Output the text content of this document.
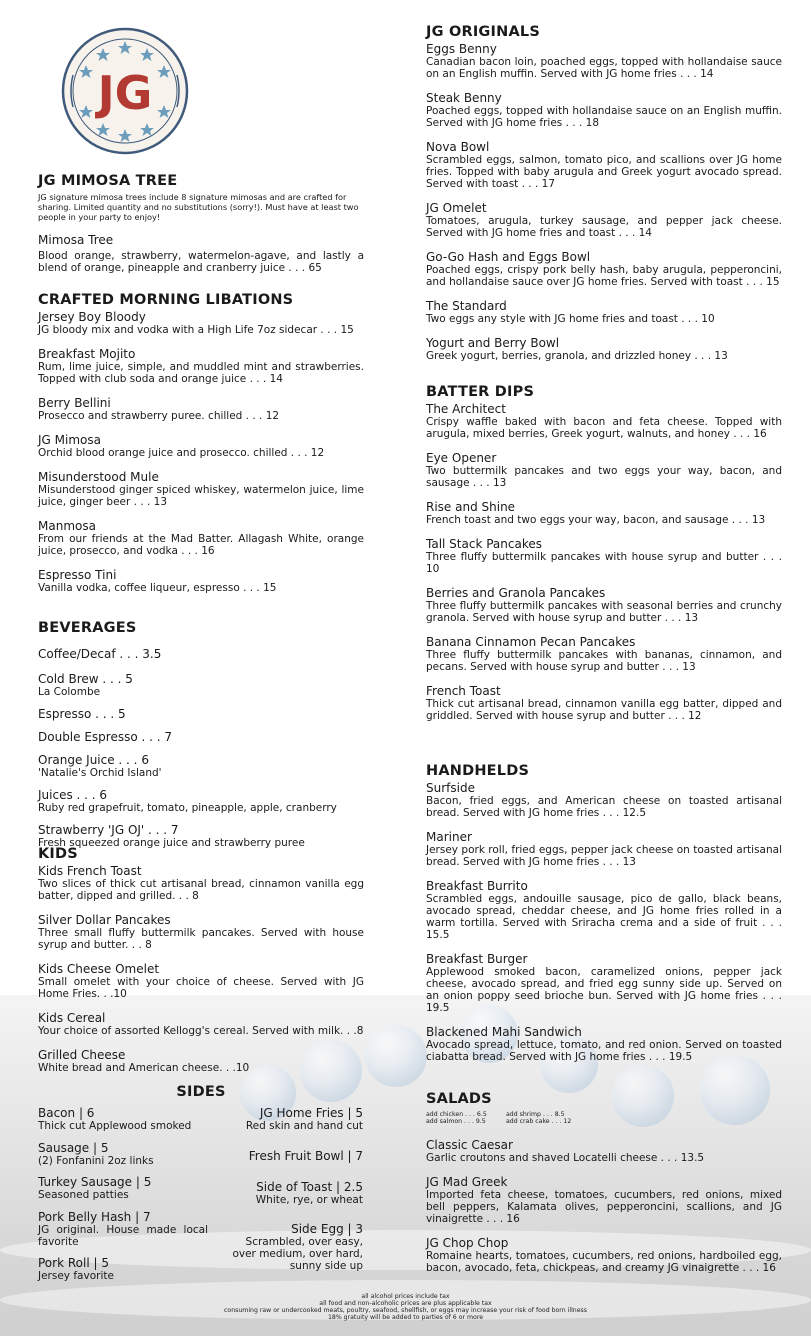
JG
JG MIMOSA TREE

JG signature mimosa trees include 8 signature mimosas and are crafted for sharing. Limited quantity and no substitutions (sorry!). Must have at least two people in your party to enjoy!

Mimosa Tree

Blood orange, strawberry, watermelon-agave, and lastly a blend of orange, pineapple and cranberry juice . . . 65

CRAFTED MORNING LIBATIONS

Jersey Boy Bloody

JG bloody mix and vodka with a High Life 7oz sidecar . . . 15

Breakfast Mojito

Rum, lime juice, simple, and muddled mint and strawberries. Topped with club soda and orange juice . . . 14

Berry Bellini

Prosecco and strawberry puree. chilled . . . 12

JG Mimosa

Orchid blood orange juice and prosecco. chilled . . . 12

Misunderstood Mule

Misunderstood ginger spiced whiskey, watermelon juice, lime juice, ginger beer . . . 13

Manmosa

From our friends at the Mad Batter. Allagash White, orange juice, prosecco, and vodka . . . 16

Espresso Tini

Vanilla vodka, coffee liqueur, espresso . . . 15

BEVERAGES

Coffee/Decaf . . . 3.5

Cold Brew . . . 5

La Colombe

Espresso . . . 5

Double Espresso . . . 7

Orange Juice . . . 6

'Natalie's Orchid Island'

Juices . . . 6

Ruby red grapefruit, tomato, pineapple, apple, cranberry

Strawberry 'JG OJ' . . . 7

Fresh squeezed orange juice and strawberry puree

KIDS

Kids French Toast

Two slices of thick cut artisanal bread, cinnamon vanilla egg batter, dipped and grilled. . . 8

Silver Dollar Pancakes

Three small fluffy buttermilk pancakes. Served with house syrup and butter. . . 8

Kids Cheese Omelet

Small omelet with your choice of cheese. Served with JG Home Fries. . .10

Kids Cereal

Your choice of assorted Kellogg's cereal. Served with milk. . .8

Grilled Cheese

White bread and American cheese. . .10

SIDES

Bacon | 6

Thick cut Applewood smoked

Sausage | 5

(2) Fonfanini 2oz links

Turkey Sausage | 5

Seasoned patties

Pork Belly Hash | 7

JG original. House made local favorite

Pork Roll | 5

Jersey favorite

JG Home Fries | 5

Red skin and hand cut

Fresh Fruit Bowl | 7

Side of Toast | 2.5

White, rye, or wheat

Side Egg | 3

Scrambled, over easy, over medium, over hard, sunny side up

JG ORIGINALS

Eggs Benny

Canadian bacon loin, poached eggs, topped with hollandaise sauce on an English muffin. Served with JG home fries . . . 14

Steak Benny

Poached eggs, topped with hollandaise sauce on an English muffin. Served with JG home fries . . . 18

Nova Bowl

Scrambled eggs, salmon, tomato pico, and scallions over JG home fries. Topped with baby arugula and Greek yogurt avocado spread. Served with toast . . . 17

JG Omelet

Tomatoes, arugula, turkey sausage, and pepper jack cheese. Served with JG home fries and toast . . . 14

Go-Go Hash and Eggs Bowl

Poached eggs, crispy pork belly hash, baby arugula, pepperoncini, and hollandaise sauce over JG home fries. Served with toast . . . 15

The Standard

Two eggs any style with JG home fries and toast . . . 10

Yogurt and Berry Bowl

Greek yogurt, berries, granola, and drizzled honey . . . 13

BATTER DIPS

The Architect

Crispy waffle baked with bacon and feta cheese. Topped with arugula, mixed berries, Greek yogurt, walnuts, and honey . . . 16

Eye Opener

Two buttermilk pancakes and two eggs your way, bacon, and sausage . . . 13

Rise and Shine

French toast and two eggs your way, bacon, and sausage . . . 13

Tall Stack Pancakes

Three fluffy buttermilk pancakes with house syrup and butter . . . 10

Berries and Granola Pancakes

Three fluffy buttermilk pancakes with seasonal berries and crunchy granola. Served with house syrup and butter . . . 13

Banana Cinnamon Pecan Pancakes

Three fluffy buttermilk pancakes with bananas, cinnamon, and pecans. Served with house syrup and butter . . . 13

French Toast

Thick cut artisanal bread, cinnamon vanilla egg batter, dipped and griddled. Served with house syrup and butter . . . 12

HANDHELDS

Surfside

Bacon, fried eggs, and American cheese on toasted artisanal bread. Served with JG home fries . . . 12.5

Mariner

Jersey pork roll, fried eggs, pepper jack cheese on toasted artisanal bread. Served with JG home fries . . . 13

Breakfast Burrito

Scrambled eggs, andouille sausage, pico de gallo, black beans, avocado spread, cheddar cheese, and JG home fries rolled in a warm tortilla. Served with Sriracha crema and a side of fruit . . . 15.5

Breakfast Burger

Applewood smoked bacon, caramelized onions, pepper jack cheese, avocado spread, and fried egg sunny side up. Served on an onion poppy seed brioche bun. Served with JG home fries . . . 19.5

Blackened Mahi Sandwich

Avocado spread, lettuce, tomato, and red onion. Served on toasted ciabatta bread. Served with JG home fries . . . 19.5

SALADS

add chicken . . . 6.5	add shrimp . . . 8.5

add salmon . . . 9.5	add crab cake . . . 12

Classic Caesar

Garlic croutons and shaved Locatelli cheese . . . 13.5

JG Mad Greek

Imported feta cheese, tomatoes, cucumbers, red onions, mixed bell peppers, Kalamata olives, pepperoncini, scallions, and JG vinaigrette . . . 16

JG Chop Chop

Romaine hearts, tomatoes, cucumbers, red onions, hardboiled egg, bacon, avocado, feta, chickpeas, and creamy JG vinaigrette . . . 16

all alcohol prices include tax

all food and non-alcoholic prices are plus applicable tax

consuming raw or undercooked meats, poultry, seafood, shellfish, or eggs may increase your risk of food born illness

18% gratuity will be added to parties of 6 or more
